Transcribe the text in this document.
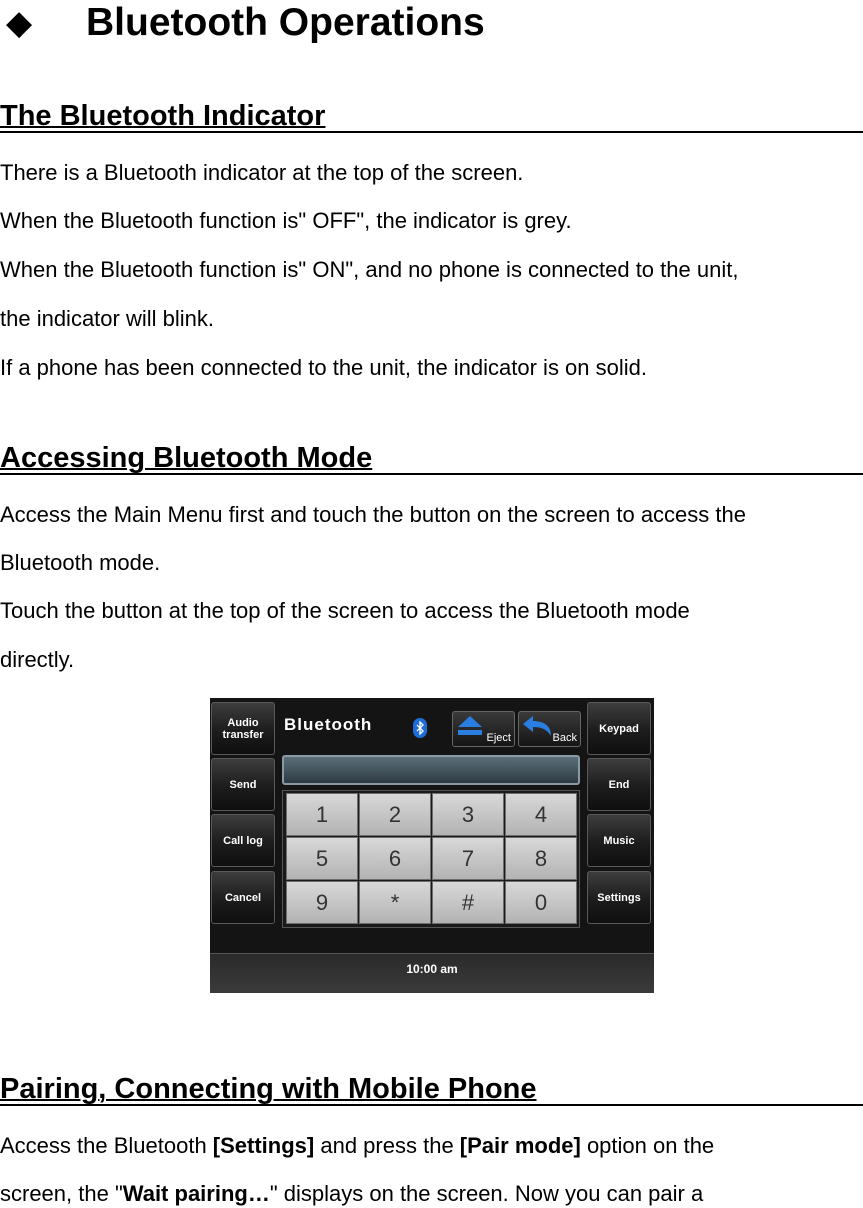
◆	Bluetooth Operations
The Bluetooth Indicator
There is a Bluetooth indicator at the top of the screen.
When the Bluetooth function is" OFF", the indicator is grey.
When the Bluetooth function is" ON", and no phone is connected to the unit,
the indicator will blink.
If a phone has been connected to the unit, the indicator is on solid.
Accessing Bluetooth Mode
Access the Main Menu first and touch the button on the screen to access the
Bluetooth mode.
Touch the button at the top of the screen to access the Bluetooth mode
directly.
Audio transfer
Send
Call log
Cancel
Keypad
End
Music
Settings
Bluetooth
Eject	Back
1	2	3	4
5	6	7	8
9	*	#	0
10:00 am
Pairing, Connecting with Mobile Phone
Access the Bluetooth [Settings] and press the [Pair mode] option on the
screen, the "Wait pairing…" displays on the screen. Now you can pair a
